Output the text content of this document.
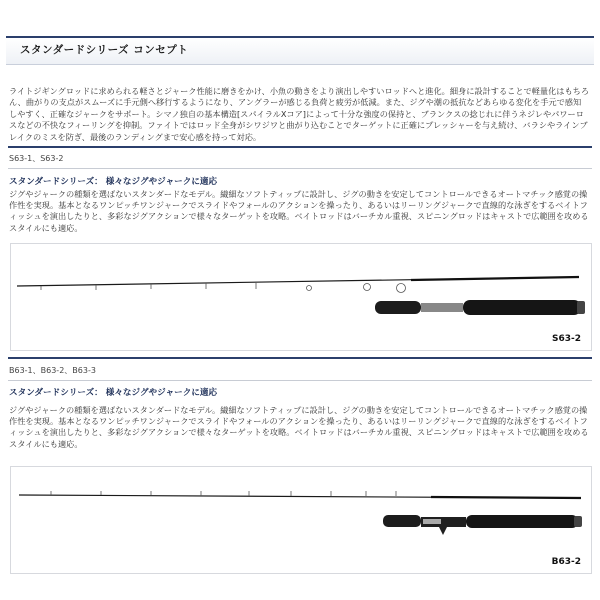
スタンダードシリーズ コンセプト
ライトジギングロッドに求められる軽さとジャーク性能に磨きをかけ、小魚の動きをより演出しやすいロッドへと進化。細身に設計することで軽量化はもちろん、曲がりの支点がスムーズに手元側へ移行するようになり、アングラーが感じる負荷と疲労が低減。また、ジグや潮の抵抗などあらゆる変化を手元で感知しやすく、正確なジャークをサポート。シマノ独自の基本構造[スパイラルXコア]によって十分な強度の保持と、ブランクスの捻じれに伴うネジレやパワーロスなどの不快なフィーリングを抑制。ファイトではロッド全身がシワジワと曲がり込むことでターゲットに正確にプレッシャーを与え続け、バラシやラインブレイクのミスを防ぎ、最後のランディングまで安心感を持って対応。
S63-1、S63-2
スタンダードシリーズ： 様々なジグやジャークに適応
ジグやジャークの種類を選ばないスタンダードなモデル。繊細なソフトティップに設計し、ジグの動きを安定してコントロールできるオートマチック感覚の操作性を実現。基本となるワンピッチワンジャークでスライドやフォールのアクションを操ったり、あるいはリーリングジャークで直線的な泳ぎをするベイトフィッシュを演出したりと、多彩なジグアクションで様々なターゲットを攻略。ベイトロッドはバーチカル重視、スピニングロッドはキャストで広範囲を攻めるスタイルにも適応。
S63-2
B63-1、B63-2、B63-3
スタンダードシリーズ： 様々なジグやジャークに適応
ジグやジャークの種類を選ばないスタンダードなモデル。繊細なソフトティップに設計し、ジグの動きを安定してコントロールできるオートマチック感覚の操作性を実現。基本となるワンピッチワンジャークでスライドやフォールのアクションを操ったり、あるいはリーリングジャークで直線的な泳ぎをするベイトフィッシュを演出したりと、多彩なジグアクションで様々なターゲットを攻略。ベイトロッドはバーチカル重視、スピニングロッドはキャストで広範囲を攻めるスタイルにも適応。
B63-2
